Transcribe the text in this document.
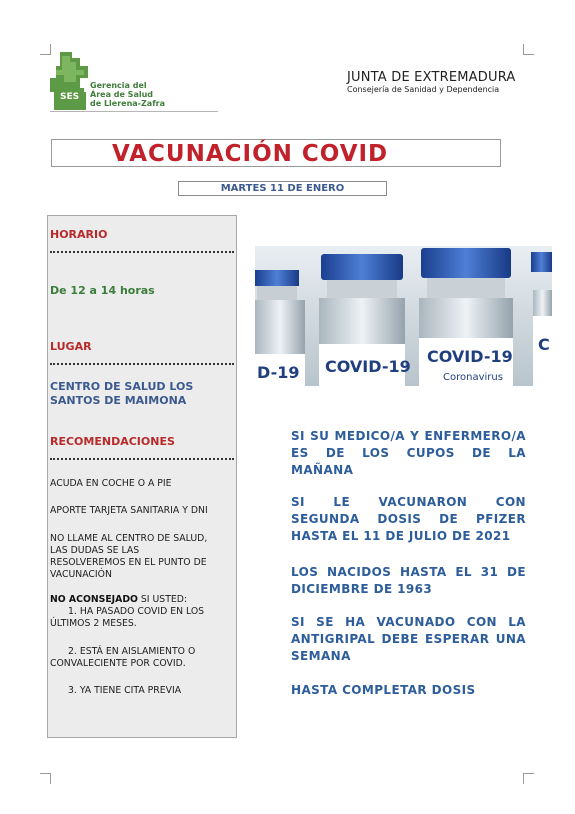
SES
Gerencia del
Área de Salud
de Llerena-Zafra
JUNTA DE EXTREMADURA
Consejería de Sanidad y Dependencia
VACUNACIÓN COVID
MARTES 11 DE ENERO
HORARIO
De 12 a 14 horas
LUGAR
CENTRO DE SALUD LOS
SANTOS DE MAIMONA
RECOMENDACIONES
ACUDA EN COCHE O A PIE
APORTE TARJETA SANITARIA Y DNI
NO LLAME AL CENTRO DE SALUD,
LAS DUDAS SE LAS
RESOLVEREMOS EN EL PUNTO DE
VACUNACIÓN
NO ACONSEJADO SI USTED:
1. HA PASADO COVID EN LOS
ÚLTIMOS 2 MESES.
2. ESTÁ EN AISLAMIENTO O
CONVALECIENTE POR COVID.
3. YA TIENE CITA PREVIA
D-19 COVID-19
COVID-19
Coronavirus
C
SI SU MEDICO/A Y ENFERMERO/A ES DE LOS CUPOS DE LA MAÑANA
SI LE VACUNARON CON SEGUNDA DOSIS DE PFIZER HASTA EL 11 DE JULIO DE 2021
LOS NACIDOS HASTA EL 31 DE DICIEMBRE DE 1963
SI SE HA VACUNADO CON LA ANTIGRIPAL DEBE ESPERAR UNA SEMANA
HASTA COMPLETAR DOSIS
